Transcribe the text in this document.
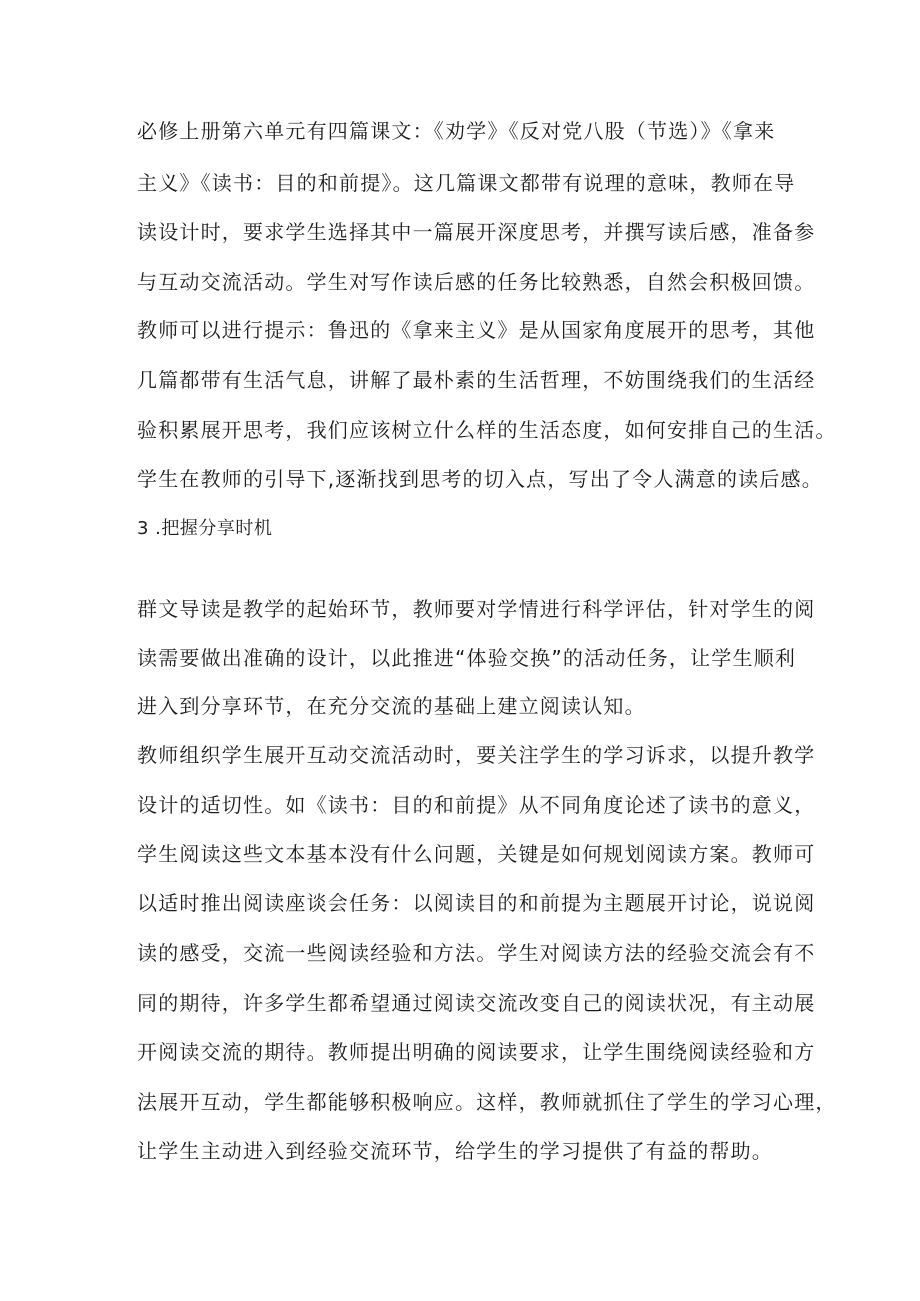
必修上册第六单元有四篇课文：《劝学》《反对党八股（节选）》《拿来
主义》《读书：目的和前提》。这几篇课文都带有说理的意味，教师在导
读设计时，要求学生选择其中一篇展开深度思考，并撰写读后感，准备参
与互动交流活动。学生对写作读后感的任务比较熟悉，自然会积极回馈。
教师可以进行提示：鲁迅的《拿来主义》是从国家角度展开的思考，其他
几篇都带有生活气息，讲解了最朴素的生活哲理，不妨围绕我们的生活经
验积累展开思考，我们应该树立什么样的生活态度，如何安排自己的生活。
学生在教师的引导下,逐渐找到思考的切入点，写出了令人满意的读后感。
3 .把握分享时机
群文导读是教学的起始环节，教师要对学情进行科学评估，针对学生的阅
读需要做出准确的设计，以此推进“体验交换”的活动任务，让学生顺利
进入到分享环节，在充分交流的基础上建立阅读认知。
教师组织学生展开互动交流活动时，要关注学生的学习诉求，以提升教学
设计的适切性。如《读书：目的和前提》从不同角度论述了读书的意义，
学生阅读这些文本基本没有什么问题，关键是如何规划阅读方案。教师可
以适时推出阅读座谈会任务：以阅读目的和前提为主题展开讨论，说说阅
读的感受，交流一些阅读经验和方法。学生对阅读方法的经验交流会有不
同的期待，许多学生都希望通过阅读交流改变自己的阅读状况，有主动展
开阅读交流的期待。教师提出明确的阅读要求，让学生围绕阅读经验和方
法展开互动，学生都能够积极响应。这样，教师就抓住了学生的学习心理，
让学生主动进入到经验交流环节，给学生的学习提供了有益的帮助。
